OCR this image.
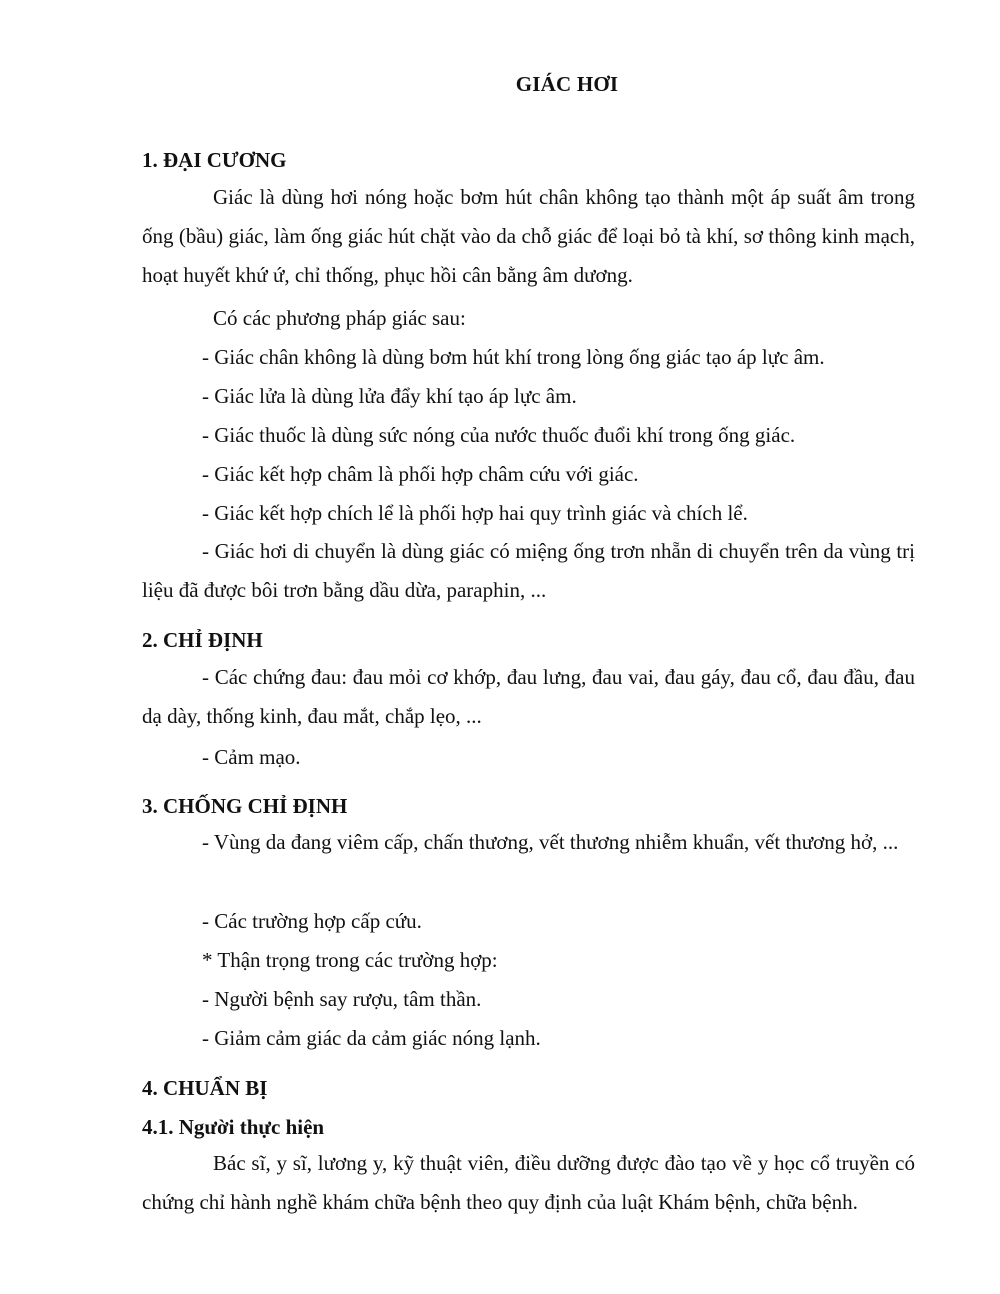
GIÁC HƠI
1. ĐẠI CƯƠNG
Giác là dùng hơi nóng hoặc bơm hút chân không tạo thành một áp suất âm trong ống (bầu) giác, làm ống giác hút chặt vào da chỗ giác để loại bỏ tà khí, sơ thông kinh mạch, hoạt huyết khứ ứ, chỉ thống, phục hồi cân bằng âm dương.
Có các phương pháp giác sau:
- Giác chân không là dùng bơm hút khí trong lòng ống giác tạo áp lực âm.
- Giác lửa là dùng lửa đẩy khí tạo áp lực âm.
- Giác thuốc là dùng sức nóng của nước thuốc đuổi khí trong ống giác.
- Giác kết hợp châm là phối hợp châm cứu với giác.
- Giác kết hợp chích lể là phối hợp hai quy trình giác và chích lể.
- Giác hơi di chuyển là dùng giác có miệng ống trơn nhẵn di chuyển trên da vùng trị liệu đã được bôi trơn bằng dầu dừa, paraphin, ...
2. CHỈ ĐỊNH
- Các chứng đau: đau mỏi cơ khớp, đau lưng, đau vai, đau gáy, đau cổ, đau đầu, đau dạ dày, thống kinh, đau mắt, chắp lẹo, ...
- Cảm mạo.
3. CHỐNG CHỈ ĐỊNH
- Vùng da đang viêm cấp, chấn thương, vết thương nhiễm khuẩn, vết thương hở, ...
- Các trường hợp cấp cứu.
* Thận trọng trong các trường hợp:
- Người bệnh say rượu, tâm thần.
- Giảm cảm giác da cảm giác nóng lạnh.
4. CHUẨN BỊ
4.1. Người thực hiện
Bác sĩ, y sĩ, lương y, kỹ thuật viên, điều dưỡng được đào tạo về y học cổ truyền có chứng chỉ hành nghề khám chữa bệnh theo quy định của luật Khám bệnh, chữa bệnh.
